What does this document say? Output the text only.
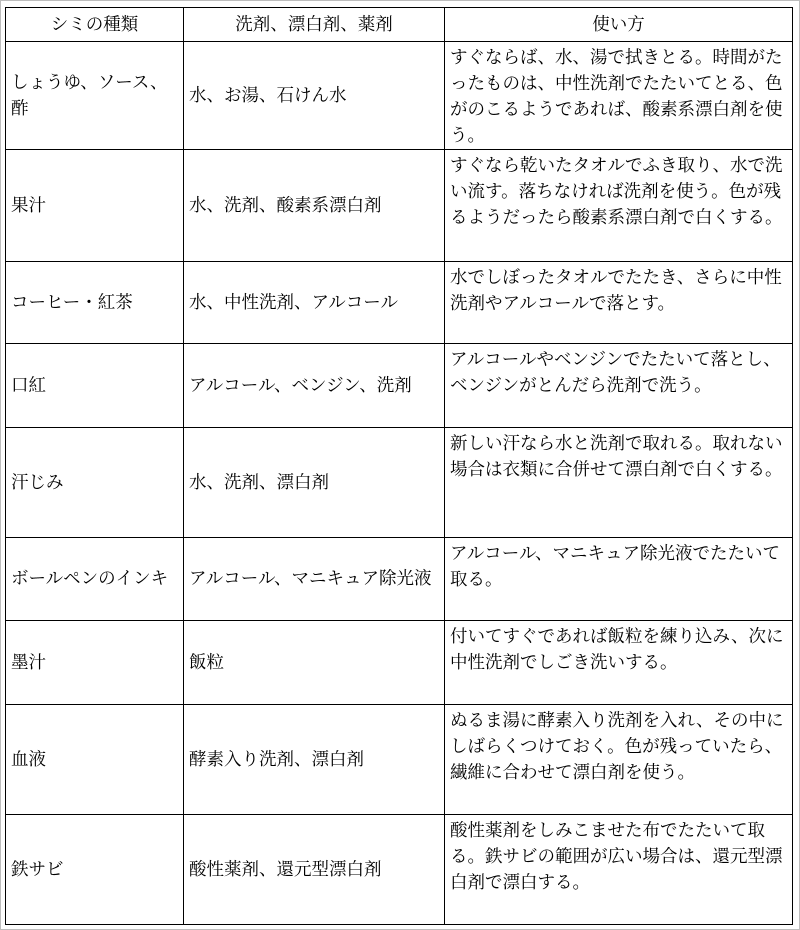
シミの種類	洗剤、漂白剤、薬剤	使い方
しょうゆ、ソース、酢	水、お湯、石けん水	すぐならば、水、湯で拭きとる。時間がたったものは、中性洗剤でたたいてとる、色がのこるようであれば、酸素系漂白剤を使う。
果汁	水、洗剤、酸素系漂白剤	すぐなら乾いたタオルでふき取り、水で洗い流す。落ちなければ洗剤を使う。色が残るようだったら酸素系漂白剤で白くする。
コーヒー・紅茶	水、中性洗剤、アルコール	水でしぼったタオルでたたき、さらに中性洗剤やアルコールで落とす。
口紅	アルコール、ベンジン、洗剤	アルコールやベンジンでたたいて落とし、ベンジンがとんだら洗剤で洗う。
汗じみ	水、洗剤、漂白剤	新しい汗なら水と洗剤で取れる。取れない場合は衣類に合併せて漂白剤で白くする。
ボールペンのインキ	アルコール、マニキュア除光液	アルコール、マニキュア除光液でたたいて取る。
墨汁	飯粒	付いてすぐであれば飯粒を練り込み、次に中性洗剤でしごき洗いする。
血液	酵素入り洗剤、漂白剤	ぬるま湯に酵素入り洗剤を入れ、その中にしばらくつけておく。色が残っていたら、繊維に合わせて漂白剤を使う。
鉄サビ	酸性薬剤、還元型漂白剤	酸性薬剤をしみこませた布でたたいて取る。鉄サビの範囲が広い場合は、還元型漂白剤で漂白する。
